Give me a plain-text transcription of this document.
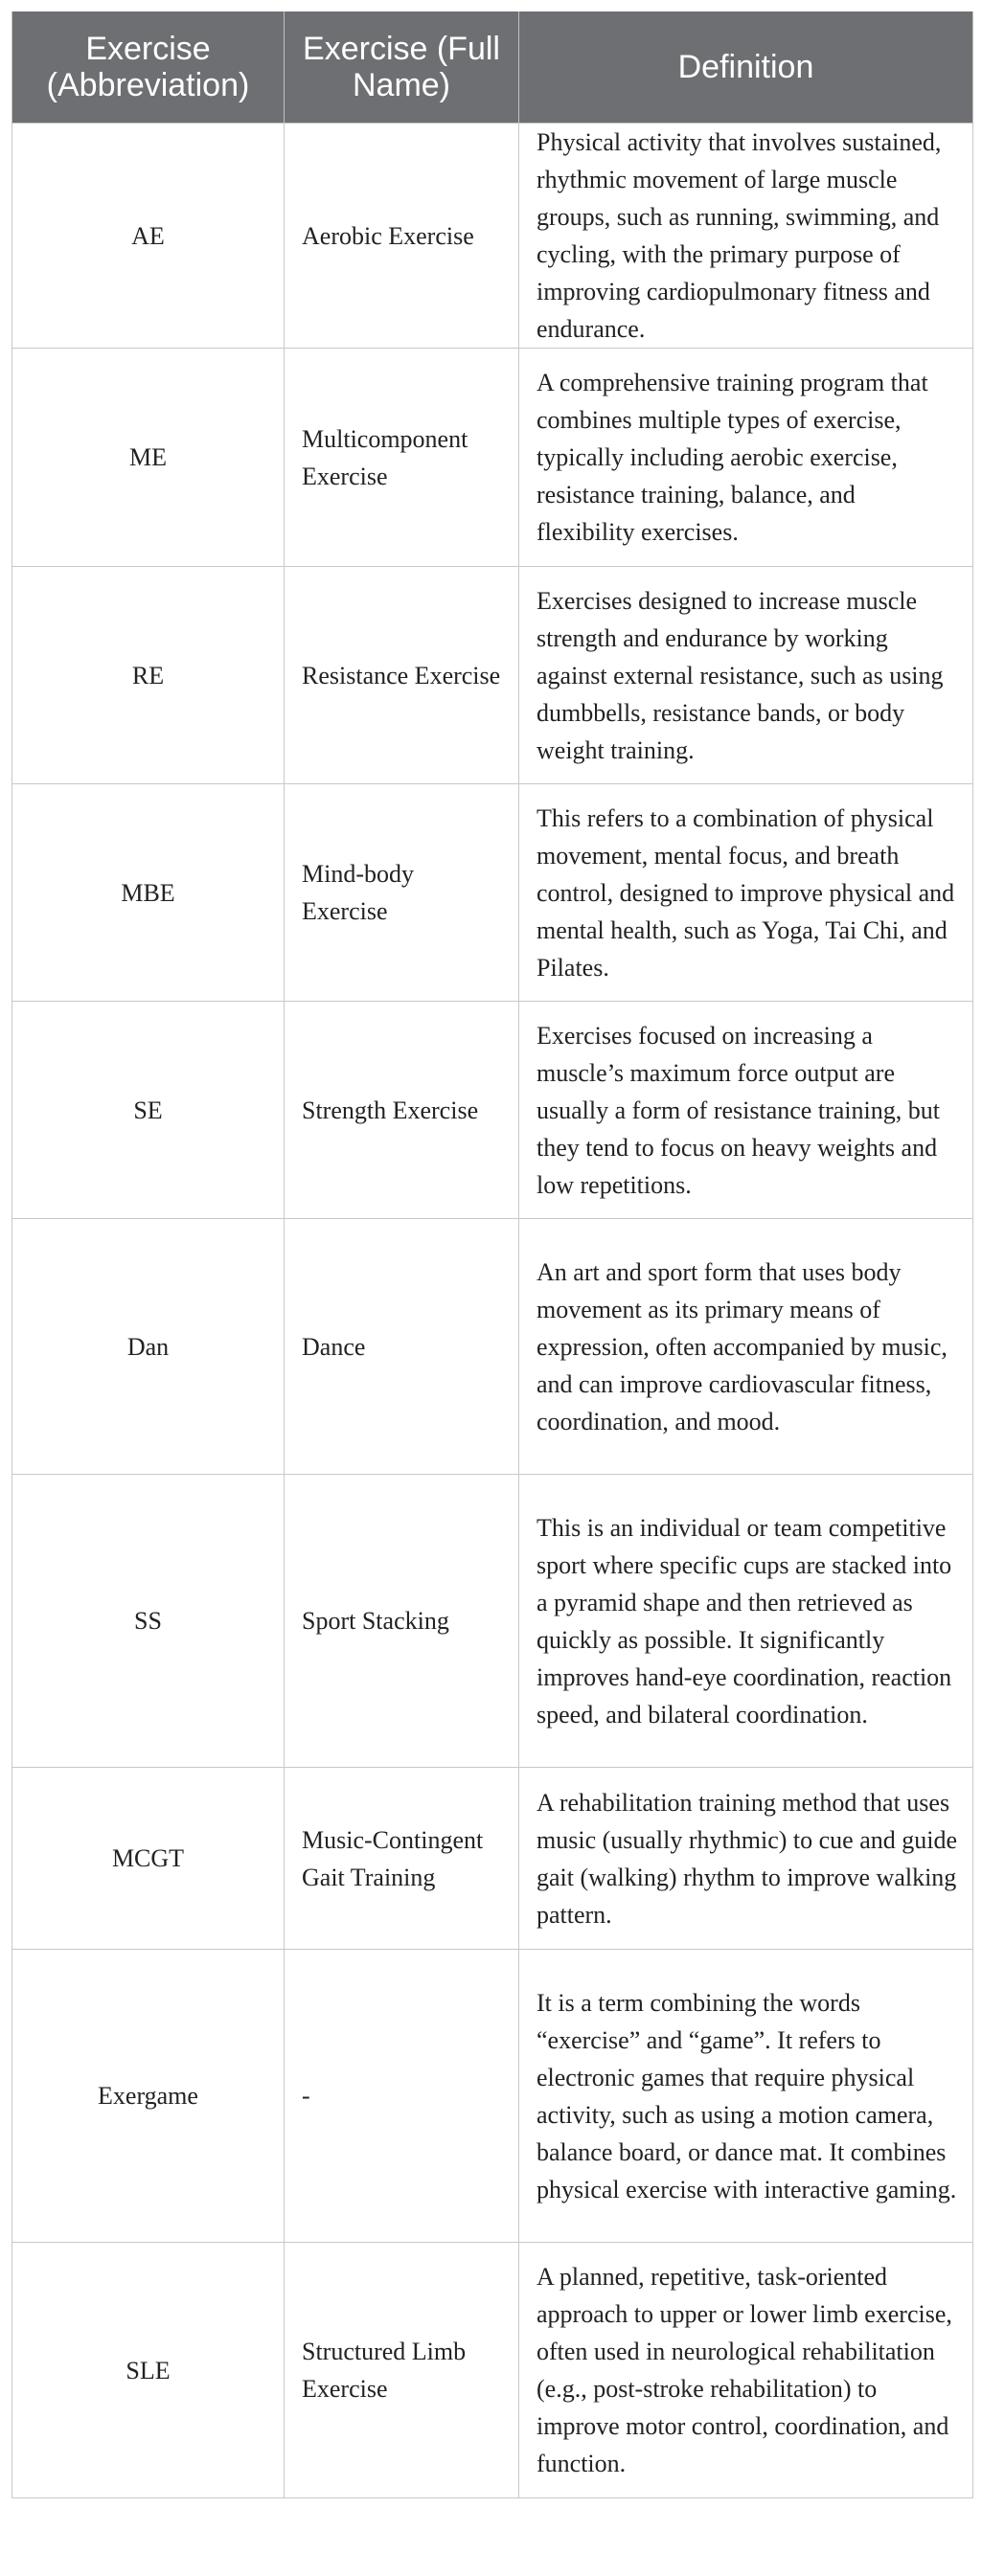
Exercise (Abbreviation)	Exercise (Full Name)	Definition
AE	Aerobic Exercise	Physical activity that involves sustained, rhythmic movement of large muscle groups, such as running, swimming, and cycling, with the primary purpose of improving cardiopulmonary fitness and endurance.
ME	Multicomponent Exercise	A comprehensive training program that combines multiple types of exercise, typically including aerobic exercise, resistance training, balance, and flexibility exercises.
RE	Resistance Exercise	Exercises designed to increase muscle strength and endurance by working against external resistance, such as using dumbbells, resistance bands, or body weight training.
MBE	Mind-body Exercise	This refers to a combination of physical movement, mental focus, and breath control, designed to improve physical and mental health, such as Yoga, Tai Chi, and Pilates.
SE	Strength Exercise	Exercises focused on increasing a muscle’s maximum force output are usually a form of resistance training, but they tend to focus on heavy weights and low repetitions.
Dan	Dance	An art and sport form that uses body movement as its primary means of expression, often accompanied by music, and can improve cardiovascular fitness, coordination, and mood.
SS	Sport Stacking	This is an individual or team competitive sport where specific cups are stacked into a pyramid shape and then retrieved as quickly as possible. It significantly improves hand-eye coordination, reaction speed, and bilateral coordination.
MCGT	Music-Contingent Gait Training	A rehabilitation training method that uses music (usually rhythmic) to cue and guide gait (walking) rhythm to improve walking pattern.
Exergame	-	It is a term combining the words “exercise” and “game”. It refers to electronic games that require physical activity, such as using a motion camera, balance board, or dance mat. It combines physical exercise with interactive gaming.
SLE	Structured Limb Exercise	A planned, repetitive, task-oriented approach to upper or lower limb exercise, often used in neurological rehabilitation (e.g., post-stroke rehabilitation) to improve motor control, coordination, and function.
